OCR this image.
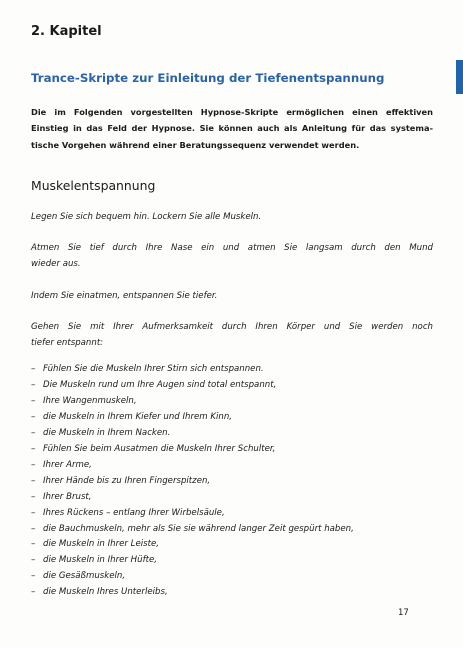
2. Kapitel
Trance-Skripte zur Einleitung der Tiefenentspannung

Die im Folgenden vorgestellten Hypnose-Skripte ermöglichen einen effektiven
Einstieg in das Feld der Hypnose. Sie können auch als Anleitung für das systema-
tische Vorgehen während einer Beratungssequenz verwendet werden.

Muskelentspannung

Legen Sie sich bequem hin. Lockern Sie alle Muskeln.

Atmen Sie tief durch Ihre Nase ein und atmen Sie langsam durch den Mund
wieder aus.

Indem Sie einatmen, entspannen Sie tiefer.

Gehen Sie mit Ihrer Aufmerksamkeit durch Ihren Körper und Sie werden noch
tiefer entspannt:

– Fühlen Sie die Muskeln Ihrer Stirn sich entspannen.
– Die Muskeln rund um Ihre Augen sind total entspannt,
– Ihre Wangenmuskeln,
– die Muskeln in Ihrem Kiefer und Ihrem Kinn,
– die Muskeln in Ihrem Nacken.
– Fühlen Sie beim Ausatmen die Muskeln Ihrer Schulter,
– Ihrer Arme,
– Ihrer Hände bis zu Ihren Fingerspitzen,
– Ihrer Brust,
– Ihres Rückens – entlang Ihrer Wirbelsäule,
– die Bauchmuskeln, mehr als Sie sie während langer Zeit gespürt haben,
– die Muskeln in Ihrer Leiste,
– die Muskeln in Ihrer Hüfte,
– die Gesäßmuskeln,
– die Muskeln Ihres Unterleibs,
17
